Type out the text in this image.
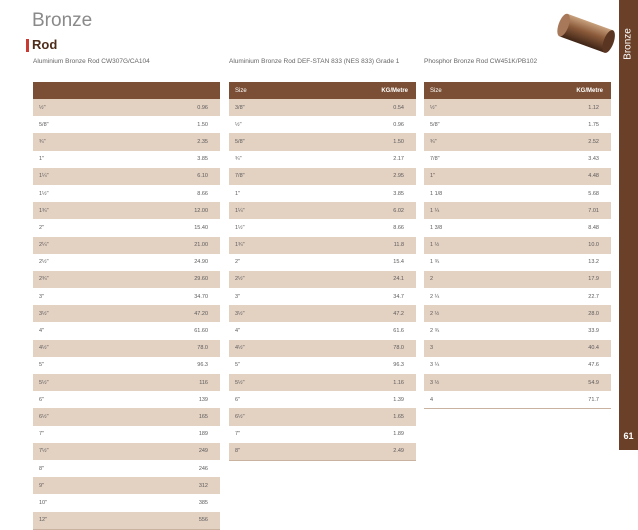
Bronze
Rod	Bronze
61
Aluminium Bronze Rod CW307G/CA104
½"	0.96
5/8"	1.50
¾"	2.35
1"	3.85
1¼"	6.10
1½"	8.66
1¾"	12.00
2"	15.40
2¼"	21.00
2½"	24.90
2¾"	29.60
3"	34.70
3½"	47.20
4"	61.60
4½"	78.0
5"	96.3
5½"	116
6"	139
6½"	165
7"	189
7½"	249
8"	246
9"	312
10"	385
12"	556
Aluminium Bronze Rod DEF-STAN 833 (NES 833) Grade 1
Size	KG/Metre
3/8"	0.54
½"	0.96
5/8"	1.50
¾"	2.17
7/8"	2.95
1"	3.85
1¼"	6.02
1½"	8.66
1¾"	11.8
2"	15.4
2½"	24.1
3"	34.7
3½"	47.2
4"	61.6
4½"	78.0
5"	96.3
5½"	1.16
6"	1.39
6½"	1.65
7"	1.89
8"	2.49
Phosphor Bronze Rod CW451K/PB102
Size	KG/Metre
½"	1.12
5/8"	1.75
¾"	2.52
7/8"	3.43
1"	4.48
1 1/8	5.68
1 ¼	7.01
1 3/8	8.48
1 ½	10.0
1 ¾	13.2
2	17.9
2 ¼	22.7
2 ½	28.0
2 ¾	33.9
3	40.4
3 ¼	47.6
3 ½	54.9
4	71.7
